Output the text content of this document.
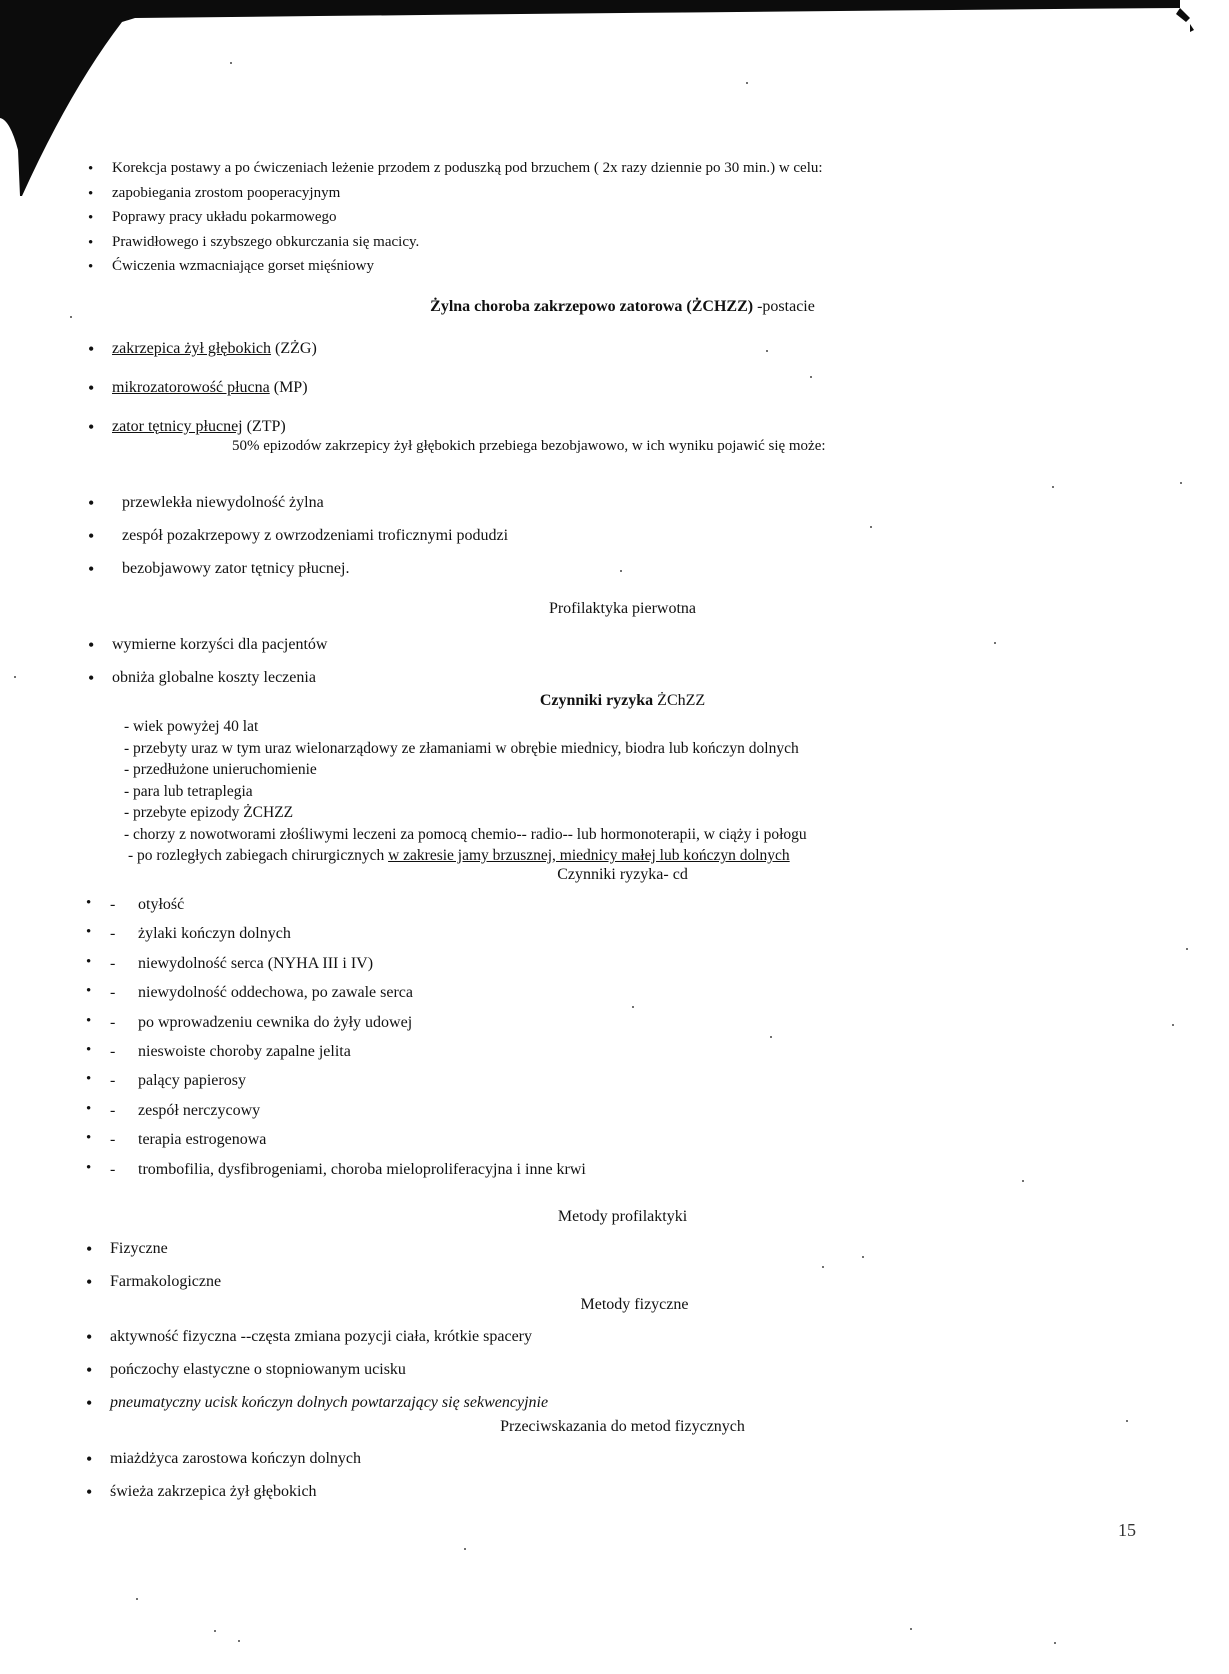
• Korekcja postawy a po ćwiczeniach leżenie przodem z poduszką pod brzuchem ( 2x razy dziennie po 30 min.) w celu:
• zapobiegania zrostom pooperacyjnym
• Poprawy pracy układu pokarmowego
• Prawidłowego i szybszego obkurczania się macicy.
• Ćwiczenia wzmacniające gorset mięśniowy
Żylna choroba zakrzepowo zatorowa (ŻCHZZ) -postacie
• zakrzepica żył głębokich (ZŻG)
• mikrozatorowość płucna (MP)
• zator tętnicy płucnej (ZTP)
50% epizodów zakrzepicy żył głębokich przebiega bezobjawowo, w ich wyniku pojawić się może:
• przewlekła niewydolność żylna
• zespół pozakrzepowy z owrzodzeniami troficznymi podudzi
• bezobjawowy zator tętnicy płucnej.
Profilaktyka pierwotna
• wymierne korzyści dla pacjentów
• obniża globalne koszty leczenia
Czynniki ryzyka ŻChZZ
- wiek powyżej 40 lat
- przebyty uraz w tym uraz wielonarządowy ze złamaniami w obrębie miednicy, biodra lub kończyn dolnych
- przedłużone unieruchomienie
- para lub tetraplegia
- przebyte epizody ŻCHZZ
- chorzy z nowotworami złośliwymi leczeni za pomocą chemio-- radio-- lub hormonoterapii, w ciąży i połogu
- po rozległych zabiegach chirurgicznych w zakresie jamy brzusznej, miednicy małej lub kończyn dolnych
Czynniki ryzyka- cd
• - otyłość
• - żylaki kończyn dolnych
• - niewydolność serca (NYHA III i IV)
• - niewydolność oddechowa, po zawale serca
• - po wprowadzeniu cewnika do żyły udowej
• - nieswoiste choroby zapalne jelita
• - palący papierosy
• - zespół nerczycowy
• - terapia estrogenowa
• - trombofilia, dysfibrogeniami, choroba mieloproliferacyjna i inne krwi
Metody profilaktyki
• Fizyczne
• Farmakologiczne
Metody fizyczne
• aktywność fizyczna --częsta zmiana pozycji ciała, krótkie spacery
• pończochy elastyczne o stopniowanym ucisku
• pneumatyczny ucisk kończyn dolnych powtarzający się sekwencyjnie
Przeciwskazania do metod fizycznych
• miażdżyca zarostowa kończyn dolnych
• świeża zakrzepica żył głębokich
15
